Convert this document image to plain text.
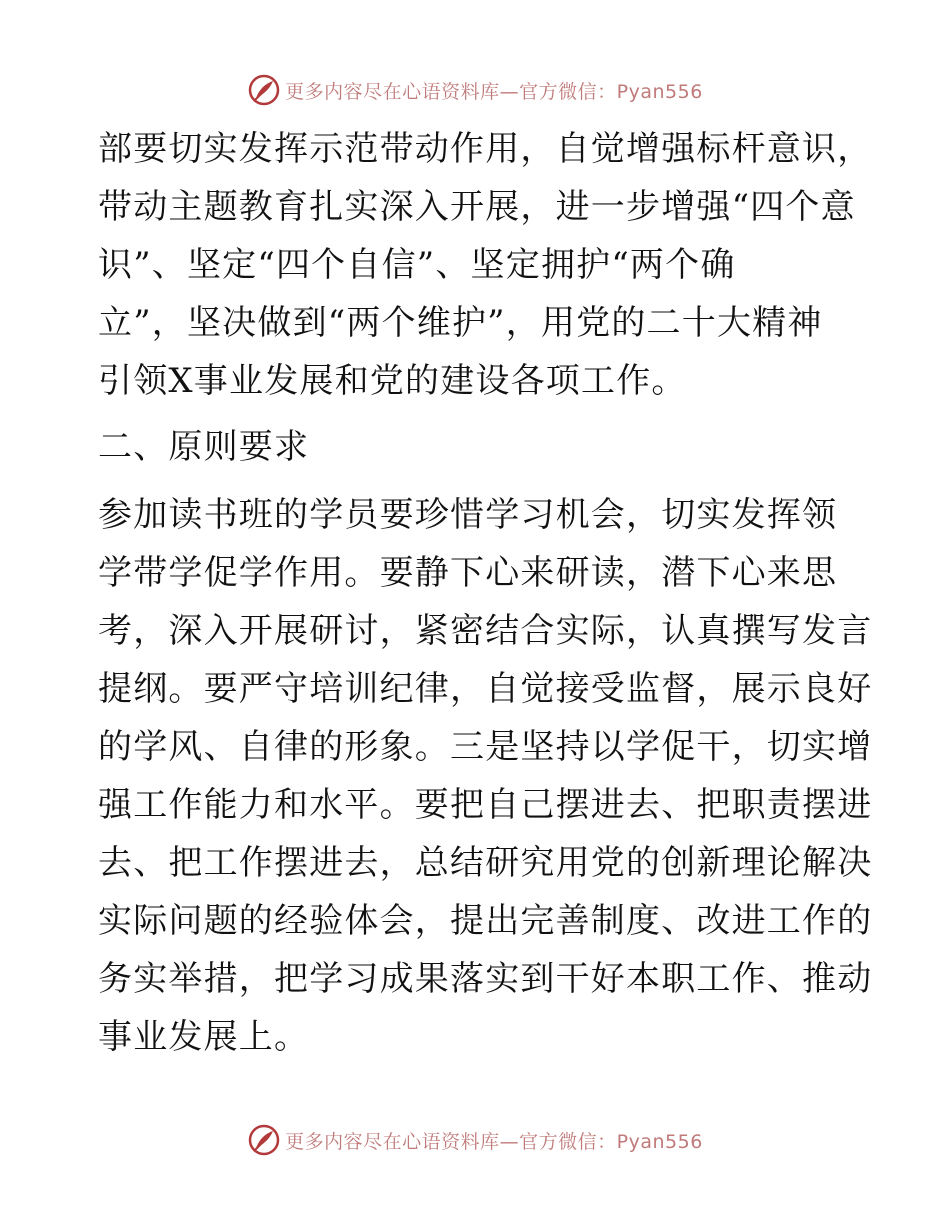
更多内容尽在心语资料库—官方微信：Pyan556
部要切实发挥示范带动作用，自觉增强标杆意识，
带动主题教育扎实深入开展，进一步增强“四个意
识”、坚定“四个自信”、坚定拥护“两个确
立”，坚决做到“两个维护”，用党的二十大精神
引领X事业发展和党的建设各项工作。
二、原则要求
参加读书班的学员要珍惜学习机会，切实发挥领
学带学促学作用。要静下心来研读，潜下心来思
考，深入开展研讨，紧密结合实际，认真撰写发言
提纲。要严守培训纪律，自觉接受监督，展示良好
的学风、自律的形象。三是坚持以学促干，切实增
强工作能力和水平。要把自己摆进去、把职责摆进
去、把工作摆进去，总结研究用党的创新理论解决
实际问题的经验体会，提出完善制度、改进工作的
务实举措，把学习成果落实到干好本职工作、推动
事业发展上。
更多内容尽在心语资料库—官方微信：Pyan556
